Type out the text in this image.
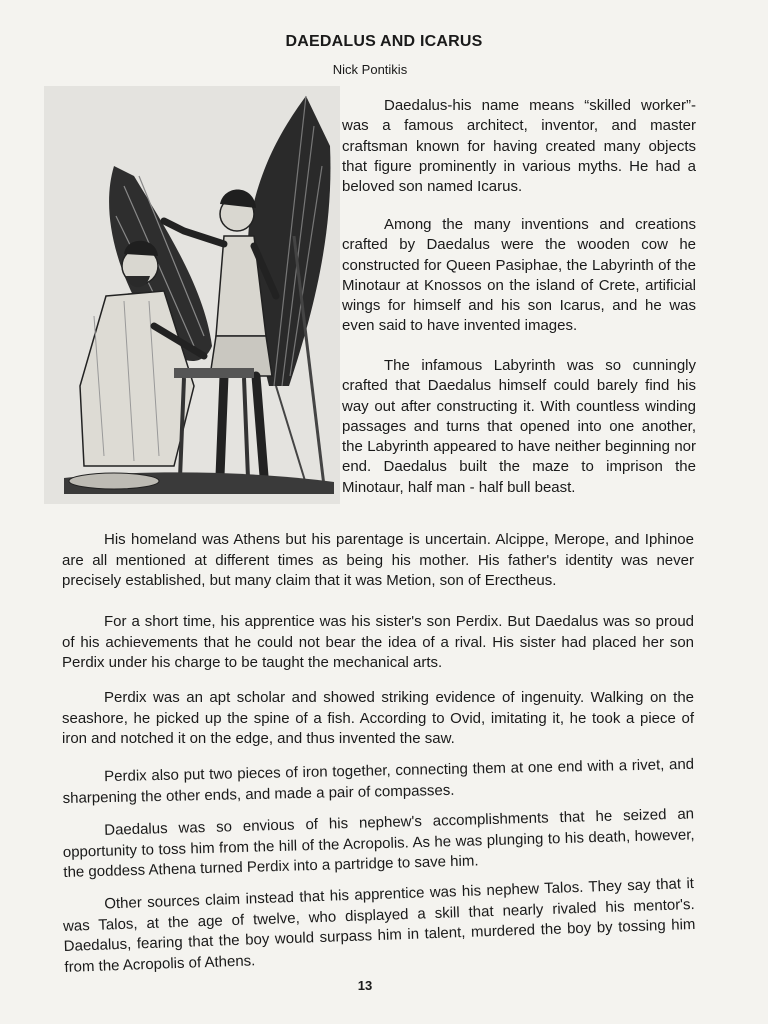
DAEDALUS AND ICARUS
Nick Pontikis

Daedalus-his name means “skilled worker”- was a famous architect, inventor, and master craftsman known for having created many objects that figure prominently in various myths. He had a beloved son named Icarus.

Among the many inventions and creations crafted by Daedalus were the wooden cow he constructed for Queen Pasiphae, the Labyrinth of the Minotaur at Knossos on the island of Crete, artificial wings for himself and his son Icarus, and he was even said to have invented images.

The infamous Labyrinth was so cunningly crafted that Daedalus himself could barely find his way out after constructing it. With countless winding passages and turns that opened into one another, the Labyrinth appeared to have neither beginning nor end. Daedalus built the maze to imprison the Minotaur, half man - half bull beast.

His homeland was Athens but his parentage is uncertain. Alcippe, Merope, and Iphinoe are all mentioned at different times as being his mother. His father's identity was never precisely established, but many claim that it was Metion, son of Erectheus.

For a short time, his apprentice was his sister's son Perdix. But Daedalus was so proud of his achievements that he could not bear the idea of a rival. His sister had placed her son Perdix under his charge to be taught the mechanical arts.

Perdix was an apt scholar and showed striking evidence of ingenuity. Walking on the seashore, he picked up the spine of a fish. According to Ovid, imitating it, he took a piece of iron and notched it on the edge, and thus invented the saw.

Perdix also put two pieces of iron together, connecting them at one end with a rivet, and sharpening the other ends, and made a pair of compasses.

Daedalus was so envious of his nephew's accomplishments that he seized an opportunity to toss him from the hill of the Acropolis. As he was plunging to his death, however, the goddess Athena turned Perdix into a partridge to save him.

Other sources claim instead that his apprentice was his nephew Talos. They say that it was Talos, at the age of twelve, who displayed a skill that nearly rivaled his mentor's. Daedalus, fearing that the boy would surpass him in talent, murdered the boy by tossing him from the Acropolis of Athens.

13
